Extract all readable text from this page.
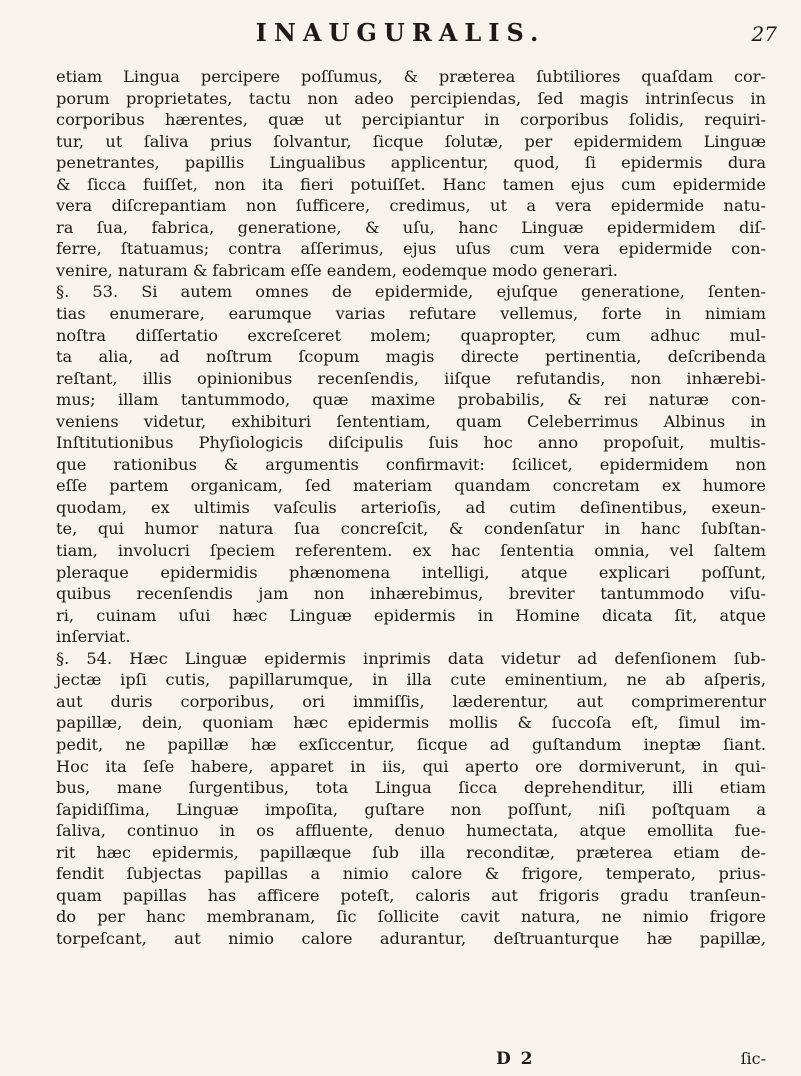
INAUGURALIS.	27
etiam Lingua percipere poſſumus, & præterea ſubtiliores quaſdam cor-
porum proprietates, tactu non adeo percipiendas, ſed magis intrinſecus in
corporibus hærentes, quæ ut percipiantur in corporibus ſolidis, requiri-
tur, ut ſaliva prius ſolvantur, ſicque ſolutæ, per epidermidem Linguæ
penetrantes, papillis Lingualibus applicentur, quod, ſi epidermis dura
& ſicca fuiſſet, non ita fieri potuiſſet. Hanc tamen ejus cum epidermide
vera diſcrepantiam non ſufficere, credimus, ut a vera epidermide natu-
ra ſua, fabrica, generatione, & uſu, hanc Linguæ epidermidem diſ-
ferre, ſtatuamus; contra aſſerimus, ejus uſus cum vera epidermide con-
venire, naturam & fabricam eſſe eandem, eodemque modo generari.
§. 53. Si autem omnes de epidermide, ejuſque generatione, ſenten-
tias enumerare, earumque varias refutare vellemus, forte in nimiam
noſtra diſſertatio excreſceret molem; quapropter, cum adhuc mul-
ta alia, ad noſtrum ſcopum magis directe pertinentia, deſcribenda
reſtant, illis opinionibus recenſendis, iiſque refutandis, non inhærebi-
mus; illam tantummodo, quæ maxime probabilis, & rei naturæ con-
veniens videtur, exhibituri ſententiam, quam Celeberrimus Albinus in
Inſtitutionibus Phyſiologicis diſcipulis ſuis hoc anno propoſuit, multis-
que rationibus & argumentis confirmavit: ſcilicet, epidermidem non
eſſe partem organicam, ſed materiam quandam concretam ex humore
quodam, ex ultimis vaſculis arterioſis, ad cutim deſinentibus, exeun-
te, qui humor natura ſua concreſcit, & condenſatur in hanc ſubſtan-
tiam, involucri ſpeciem referentem. ex hac ſententia omnia, vel ſaltem
pleraque epidermidis phænomena intelligi, atque explicari poſſunt,
quibus recenſendis jam non inhærebimus, breviter tantummodo viſu-
ri, cuinam uſui hæc Linguæ epidermis in Homine dicata ſit, atque
inſerviat.
§. 54. Hæc Linguæ epidermis inprimis data videtur ad defenſionem ſub-
jectæ ipſi cutis, papillarumque, in illa cute eminentium, ne ab aſperis,
aut duris corporibus, ori immiſſis, læderentur, aut comprimerentur
papillæ, dein, quoniam hæc epidermis mollis & ſuccoſa eſt, ſimul im-
pedit, ne papillæ hæ exſiccentur, ſicque ad guſtandum ineptæ ſiant.
Hoc ita ſeſe habere, apparet in iis, qui aperto ore dormiverunt, in qui-
bus, mane ſurgentibus, tota Lingua ſicca deprehenditur, illi etiam
ſapidiſſima, Linguæ impoſita, guſtare non poſſunt, niſi poſtquam a
ſaliva, continuo in os affluente, denuo humectata, atque emollita fue-
rit hæc epidermis, papillæque ſub illa reconditæ, præterea etiam de-
fendit ſubjectas papillas a nimio calore & frigore, temperato, prius-
quam papillas has afficere poteſt, caloris aut frigoris gradu tranſeun-
do per hanc membranam, ſic ſollicite cavit natura, ne nimio frigore
torpeſcant, aut nimio calore adurantur, deſtruanturque hæ papillæ,
D 2	ſic-
